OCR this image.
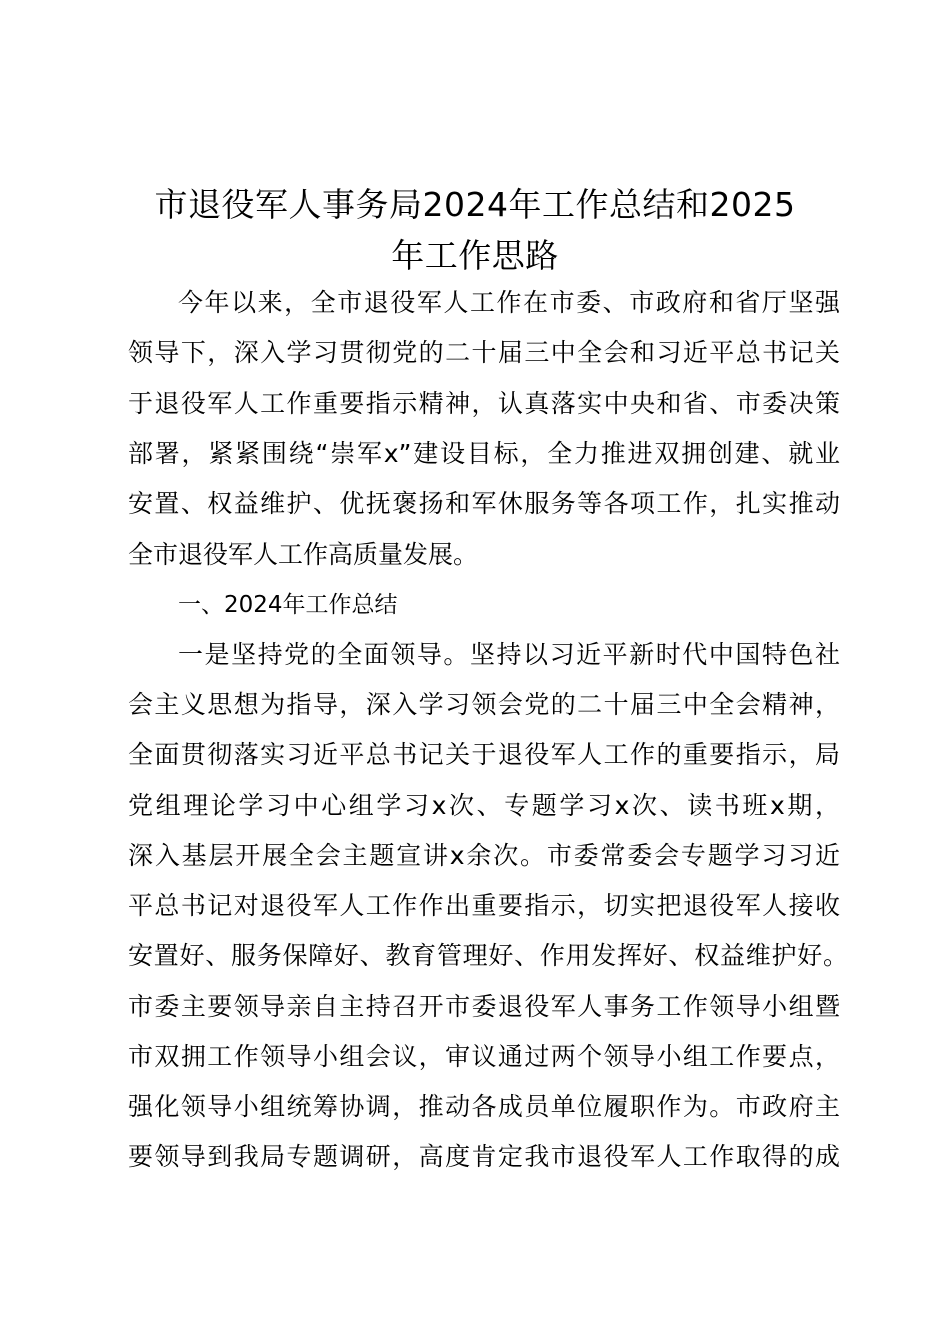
市退役军人事务局2024年工作总结和2025
年工作思路

今年以来，全市退役军人工作在市委、市政府和省厅坚强

领导下，深入学习贯彻党的二十届三中全会和习近平总书记关

于退役军人工作重要指示精神，认真落实中央和省、市委决策

部署，紧紧围绕“崇军x”建设目标，全力推进双拥创建、就业

安置、权益维护、优抚褒扬和军休服务等各项工作，扎实推动

全市退役军人工作高质量发展。

一、2024年工作总结

一是坚持党的全面领导。坚持以习近平新时代中国特色社

会主义思想为指导，深入学习领会党的二十届三中全会精神，

全面贯彻落实习近平总书记关于退役军人工作的重要指示，局

党组理论学习中心组学习x次、专题学习x次、读书班x期，

深入基层开展全会主题宣讲x余次。市委常委会专题学习习近

平总书记对退役军人工作作出重要指示，切实把退役军人接收

安置好、服务保障好、教育管理好、作用发挥好、权益维护好。

市委主要领导亲自主持召开市委退役军人事务工作领导小组暨

市双拥工作领导小组会议，审议通过两个领导小组工作要点，

强化领导小组统筹协调，推动各成员单位履职作为。市政府主

要领导到我局专题调研，高度肯定我市退役军人工作取得的成
